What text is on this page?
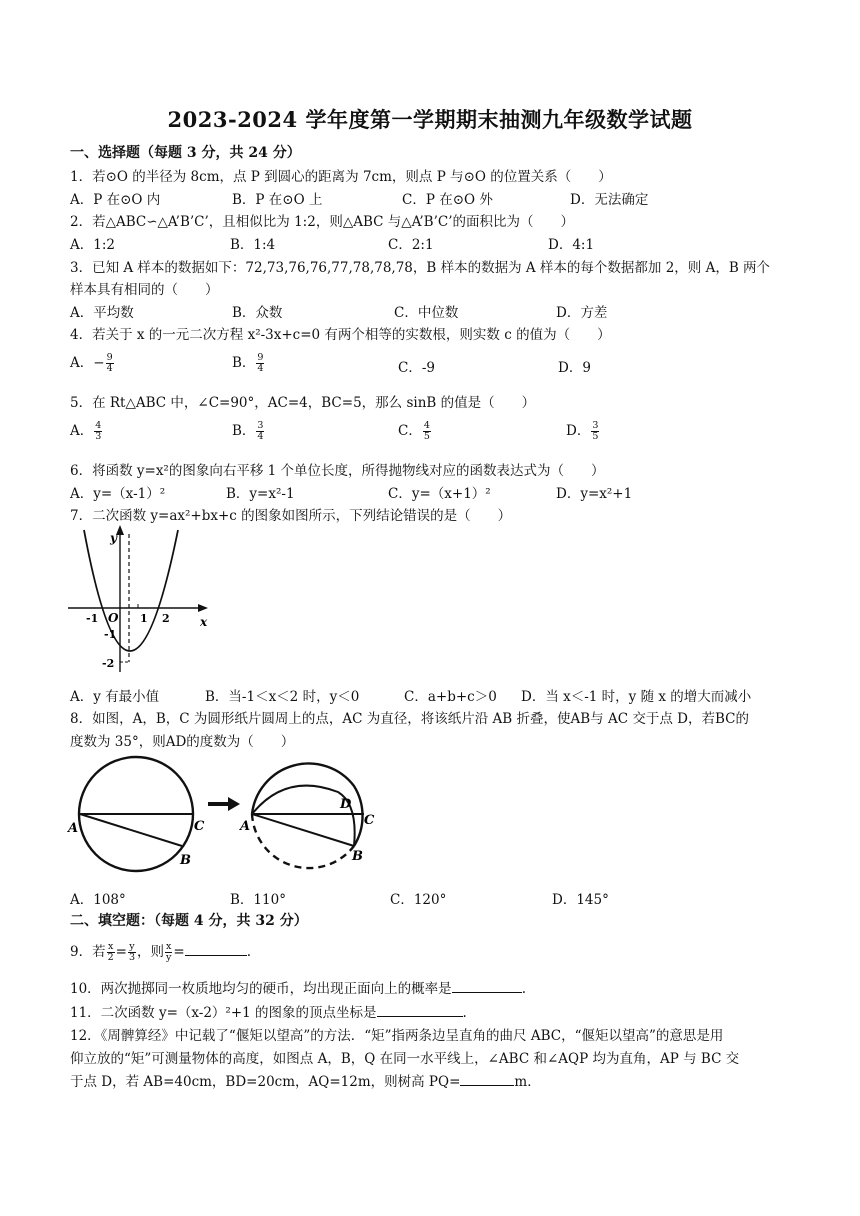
2023-2024 学年度第一学期期末抽测九年级数学试题
一、选择题（每题 3 分，共 24 分）
1．若⊙O 的半径为 8cm，点 P 到圆心的距离为 7cm，则点 P 与⊙O 的位置关系（　　）
A．P 在⊙O 内	B．P 在⊙O 上	C．P 在⊙O 外	D．无法确定
2．若△ABC∽△A’B’C’，且相似比为 1:2，则△ABC 与△A’B’C’的面积比为（　　）
A．1:2	B．1:4	C．2:1	D．4:1
3．已知 A 样本的数据如下：72,73,76,76,77,78,78,78，B 样本的数据为 A 样本的每个数据都加 2，则 A，B 两个
样本具有相同的（　　）
A．平均数	B．众数	C．中位数	D．方差
4．若关于 x 的一元二次方程 x²-3x+c=0 有两个相等的实数根，则实数 c 的值为（　　）
A．− $\frac{9}{4}$	B． $\frac{9}{4}$	C．-9	D．9
5．在 Rt△ABC 中，∠C=90°，AC=4，BC=5，那么 sinB 的值是（　　）
A． $\frac{4}{3}$	B． $\frac{3}{4}$	C． $\frac{4}{5}$	D． $\frac{3}{5}$
6．将函数 y=x²的图象向右平移 1 个单位长度，所得抛物线对应的函数表达式为（　　）
A．y=（x-1）²	B．y=x²-1	C．y=（x+1）²	D．y=x²+1
7．二次函数 y=ax²+bx+c 的图象如图所示，下列结论错误的是（　　）
y
x
O
-1	1 2
-1
-2
A．y 有最小值	B．当-1＜x＜2 时，y＜0	C．a+b+c＞0 D．当 x＜-1 时，y 随 x 的增大而减小
8．如图，A，B，C 为圆形纸片圆周上的点，AC 为直径，将该纸片沿 AB 折叠，使AB与 AC 交于点 D，若BC的
度数为 35°，则AD的度数为（　　）
A	C
B
A
D
C
B
A．108°	B．110°	C．120°	D．145°
二、填空题：（每题 4 分，共 32 分）
9．若 $\frac{x}{2} = \frac{y}{3}$ ，则 $\frac{x}{y}$ =	.
10．两次抛掷同一枚质地均匀的硬币，均出现正面向上的概率是	.
11．二次函数 y=（x-2）²+1 的图象的顶点坐标是	.
12．《周髀算经》中记载了“偃矩以望高”的方法．“矩”指两条边呈直角的曲尺 ABC，“偃矩以望高”的意思是用
仰立放的“矩”可测量物体的高度，如图点 A，B，Q 在同一水平线上，∠ABC 和∠AQP 均为直角，AP 与 BC 交
于点 D，若 AB=40cm，BD=20cm，AQ=12m，则树高 PQ=	m．
